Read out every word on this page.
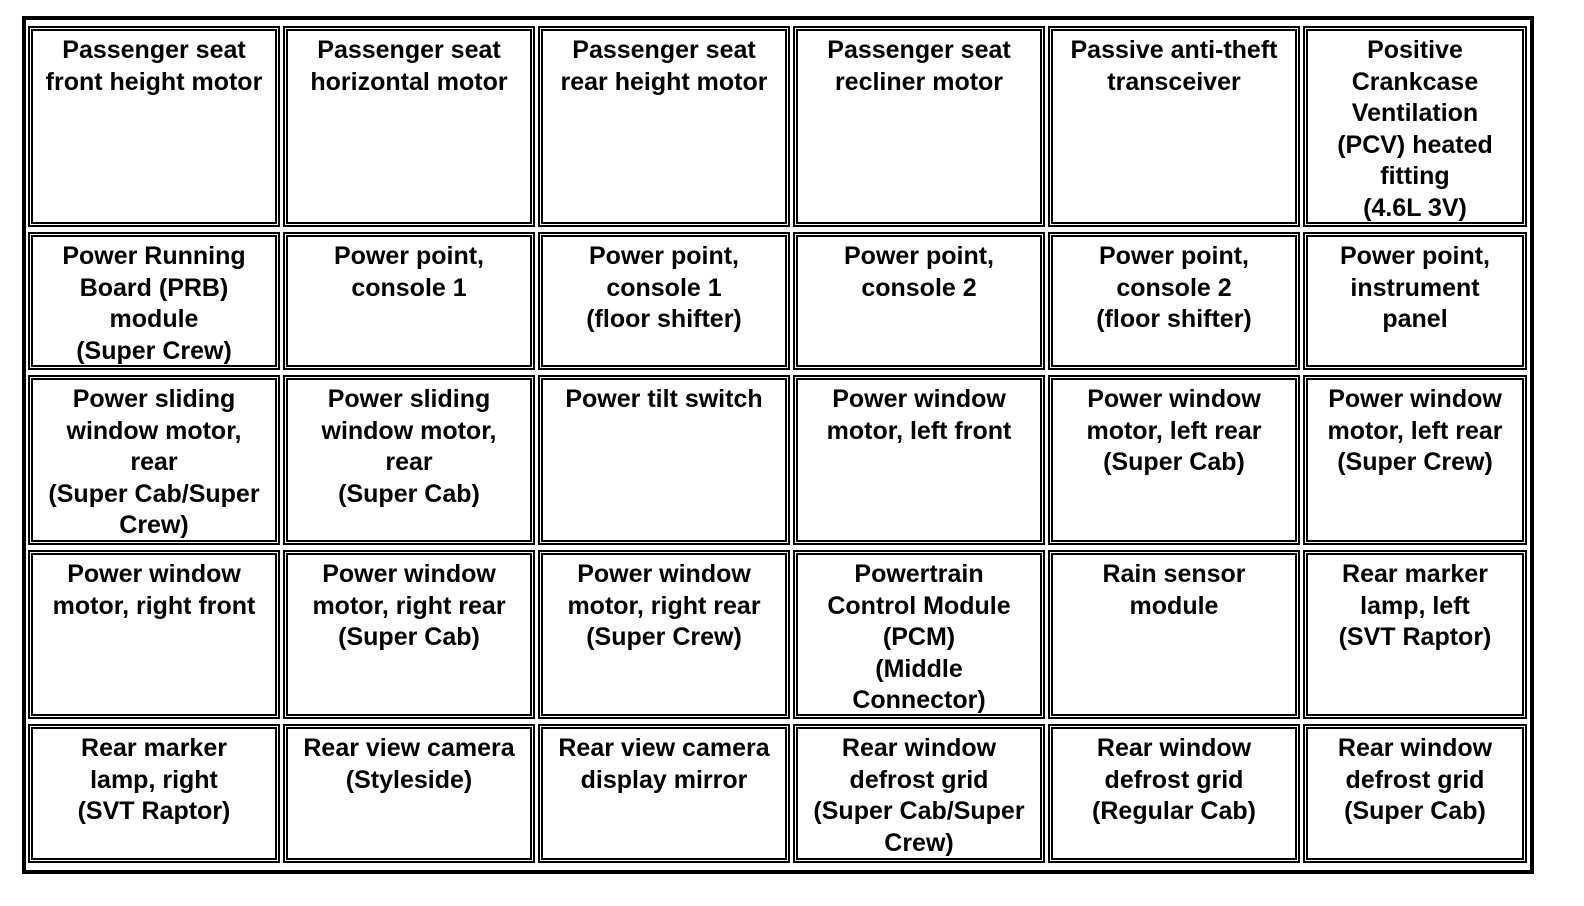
Passenger seat
front height motor
Passenger seat
horizontal motor
Passenger seat
rear height motor
Passenger seat
recliner motor
Passive anti-theft
transceiver
Positive
Crankcase
Ventilation
(PCV) heated
fitting
(4.6L 3V)
Power Running
Board (PRB)
module
(Super Crew)
Power point,
console 1
Power point,
console 1
(floor shifter)
Power point,
console 2
Power point,
console 2
(floor shifter)
Power point,
instrument
panel
Power sliding
window motor,
rear
(Super Cab/Super
Crew)
Power sliding
window motor,
rear
(Super Cab)
Power tilt switch	Power window
motor, left front
Power window
motor, left rear
(Super Cab)
Power window
motor, left rear
(Super Crew)
Power window
motor, right front
Power window
motor, right rear
(Super Cab)
Power window
motor, right rear
(Super Crew)
Powertrain
Control Module
(PCM)
(Middle
Connector)
Rain sensor
module
Rear marker
lamp, left
(SVT Raptor)
Rear marker
lamp, right
(SVT Raptor)
Rear view camera
(Styleside)
Rear view camera
display mirror
Rear window
defrost grid
(Super Cab/Super
Crew)
Rear window
defrost grid
(Regular Cab)
Rear window
defrost grid
(Super Cab)
